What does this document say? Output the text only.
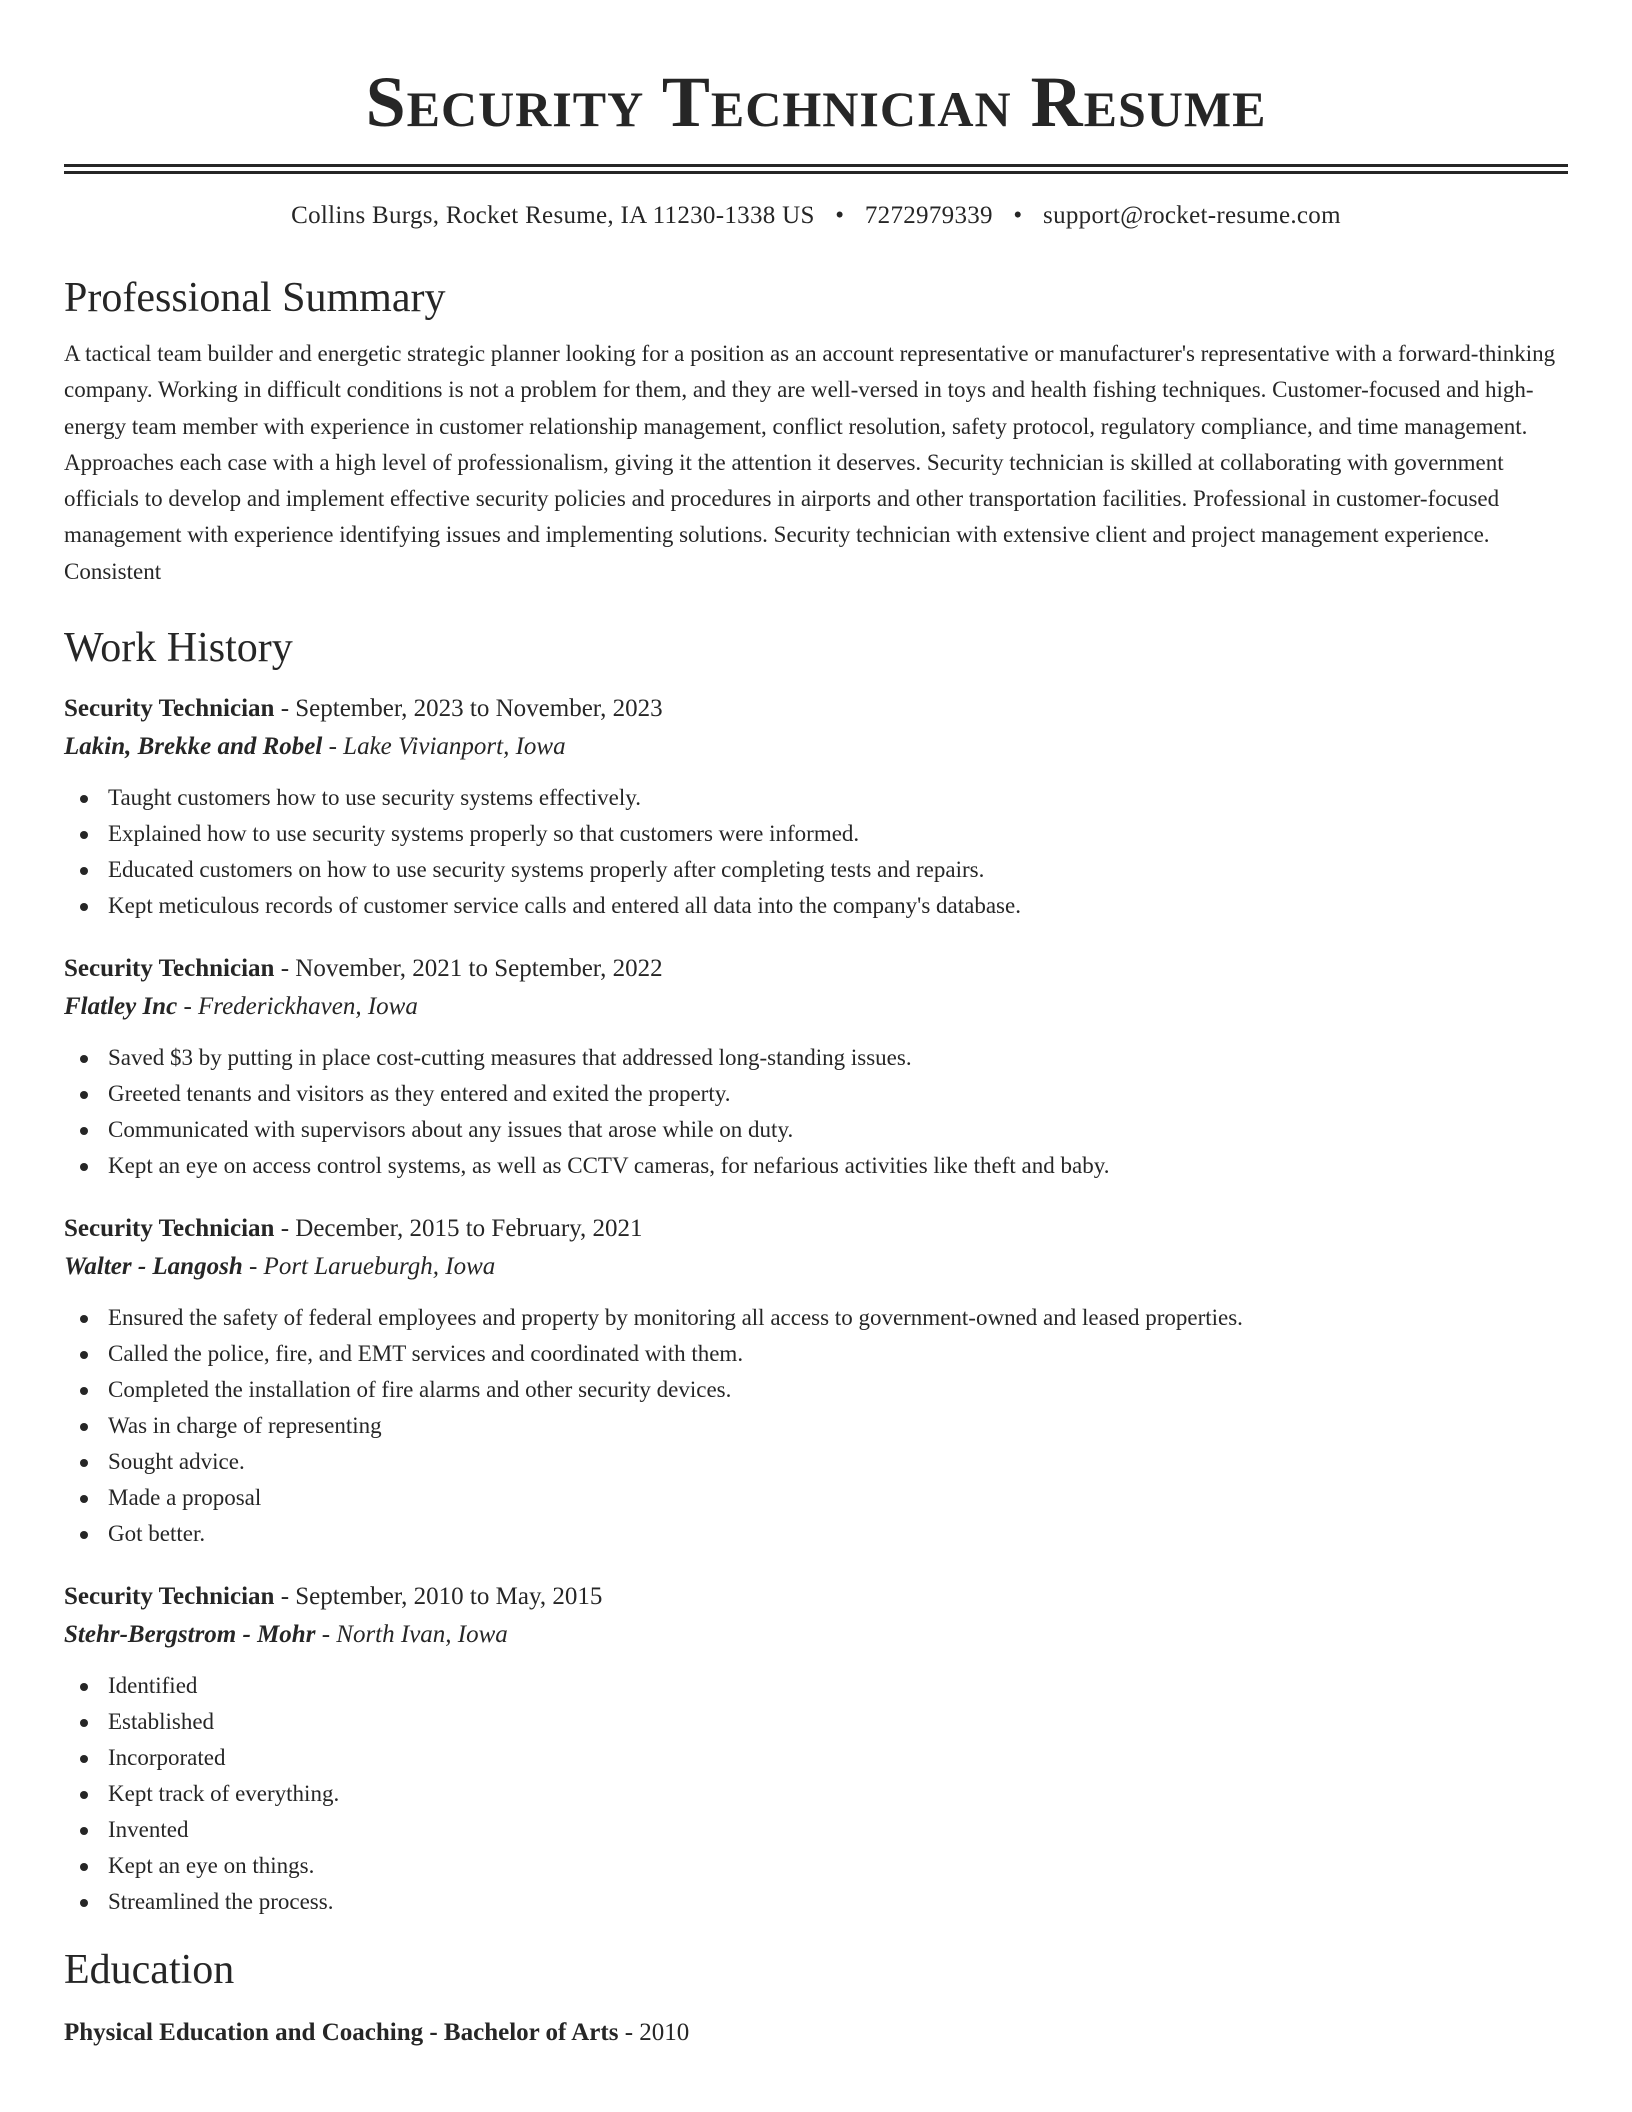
Security Technician Resume
Collins Burgs, Rocket Resume, IA 11230-1338 US • 7272979339 • support@rocket-resume.com
Professional Summary
A tactical team builder and energetic strategic planner looking for a position as an account representative or manufacturer's representative with a forward-thinking company. Working in difficult conditions is not a problem for them, and they are well-versed in toys and health fishing techniques. Customer-focused and high-energy team member with experience in customer relationship management, conflict resolution, safety protocol, regulatory compliance, and time management. Approaches each case with a high level of professionalism, giving it the attention it deserves. Security technician is skilled at collaborating with government officials to develop and implement effective security policies and procedures in airports and other transportation facilities. Professional in customer-focused management with experience identifying issues and implementing solutions. Security technician with extensive client and project management experience. Consistent
Work History
Security Technician - September, 2023 to November, 2023
Lakin, Brekke and Robel - Lake Vivianport, Iowa
Taught customers how to use security systems effectively.
Explained how to use security systems properly so that customers were informed.
Educated customers on how to use security systems properly after completing tests and repairs.
Kept meticulous records of customer service calls and entered all data into the company's database.
Security Technician - November, 2021 to September, 2022
Flatley Inc - Frederickhaven, Iowa
Saved $3 by putting in place cost-cutting measures that addressed long-standing issues.
Greeted tenants and visitors as they entered and exited the property.
Communicated with supervisors about any issues that arose while on duty.
Kept an eye on access control systems, as well as CCTV cameras, for nefarious activities like theft and baby.
Security Technician - December, 2015 to February, 2021
Walter - Langosh - Port Larueburgh, Iowa
Ensured the safety of federal employees and property by monitoring all access to government-owned and leased properties.
Called the police, fire, and EMT services and coordinated with them.
Completed the installation of fire alarms and other security devices.
Was in charge of representing
Sought advice.
Made a proposal
Got better.
Security Technician - September, 2010 to May, 2015
Stehr-Bergstrom - Mohr - North Ivan, Iowa
Identified
Established
Incorporated
Kept track of everything.
Invented
Kept an eye on things.
Streamlined the process.
Education
Physical Education and Coaching - Bachelor of Arts - 2010
